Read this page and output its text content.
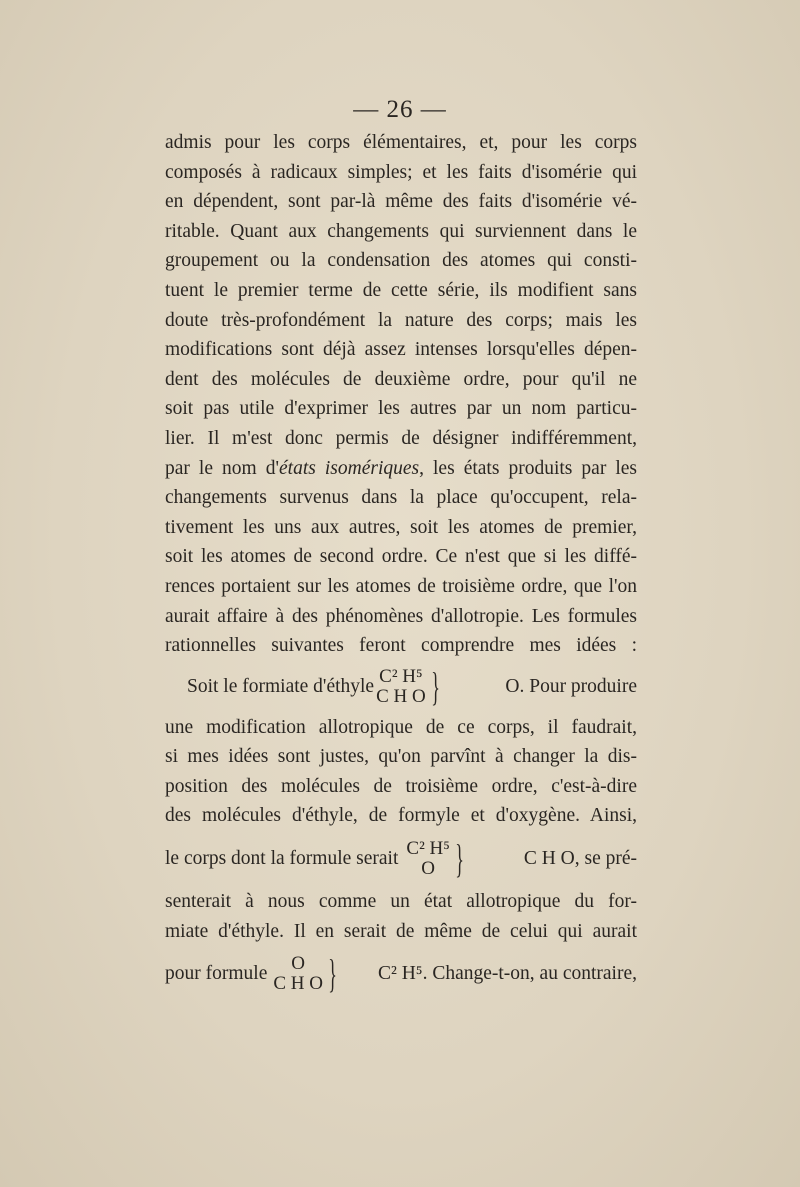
— 26 —
admis pour les corps élémentaires, et, pour les corps
composés à radicaux simples; et les faits d'isomérie qui
en dépendent, sont par-là même des faits d'isomérie vé-
ritable. Quant aux changements qui surviennent dans le
groupement ou la condensation des atomes qui consti-
tuent le premier terme de cette série, ils modifient sans
doute très-profondément la nature des corps; mais les
modifications sont déjà assez intenses lorsqu'elles dépen-
dent des molécules de deuxième ordre, pour qu'il ne
soit pas utile d'exprimer les autres par un nom particu-
lier. Il m'est donc permis de désigner indifféremment,
par le nom d'états isomériques, les états produits par les
changements survenus dans la place qu'occupent, rela-
tivement les uns aux autres, soit les atomes de premier,
soit les atomes de second ordre. Ce n'est que si les diffé-
rences portaient sur les atomes de troisième ordre, que l'on
aurait affaire à des phénomènes d'allotropie. Les formules
rationnelles suivantes feront comprendre mes idées :
Soit le formiate d'éthyle C² H⁵
C H O }	O. Pour produire
une modification allotropique de ce corps, il faudrait,
si mes idées sont justes, qu'on parvînt à changer la dis-
position des molécules de troisième ordre, c'est-à-dire
des molécules d'éthyle, de formyle et d'oxygène. Ainsi,
le corps dont la formule serait C² H⁵
O }	C H O, se pré-
senterait à nous comme un état allotropique du for-
miate d'éthyle. Il en serait de même de celui qui aurait
pour formule O
C H O } C² H⁵. Change-t-on, au contraire,
